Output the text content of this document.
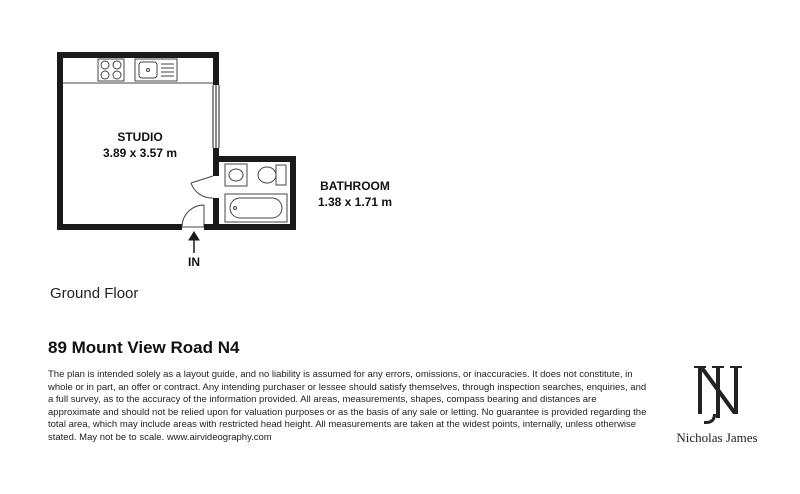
STUDIO
3.89 x 3.57 m
BATHROOM
1.38 x 1.71 m
IN
Ground Floor
89 Mount View Road N4
The plan is intended solely as a layout guide, and no liability is assumed for any errors, omissions, or inaccuracies. It does not constitute, in whole or in part, an offer or contract. Any intending purchaser or lessee should satisfy themselves, through inspection searches, enquiries, and a full survey, as to the accuracy of the information provided. All areas, measurements, shapes, compass bearing and distances are approximate and should not be relied upon for valuation purposes or as the basis of any sale or letting. No guarantee is provided regarding the total area, which may include areas with restricted head height. All measurements are taken at the widest points, internally, unless otherwise stated. May not be to scale. www.airvideography.com	Nicholas James
